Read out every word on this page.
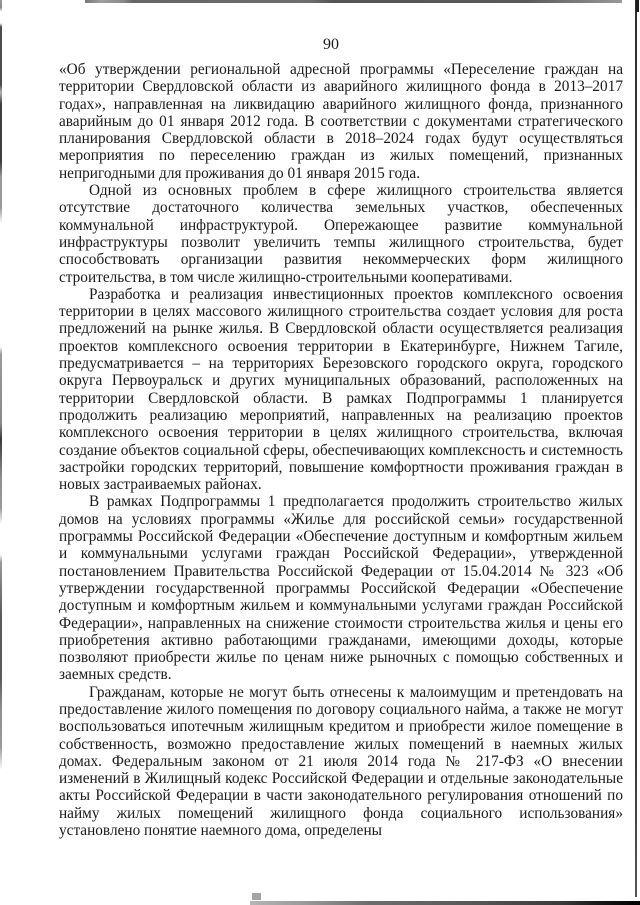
90

«Об утверждении региональной адресной программы «Переселение граждан на территории Свердловской области из аварийного жилищного фонда в 2013–2017 годах», направленная на ликвидацию аварийного жилищного фонда, признанного аварийным до 01 января 2012 года. В соответствии с документами стратегического планирования Свердловской области в 2018–2024 годах будут осуществляться мероприятия по переселению граждан из жилых помещений, признанных непригодными для проживания до 01 января 2015 года.

Одной из основных проблем в сфере жилищного строительства является отсутствие достаточного количества земельных участков, обеспеченных коммунальной инфраструктурой. Опережающее развитие коммунальной инфраструктуры позволит увеличить темпы жилищного строительства, будет способствовать организации развития некоммерческих форм жилищного строительства, в том числе жилищно-строительными кооперативами.

Разработка и реализация инвестиционных проектов комплексного освоения территории в целях массового жилищного строительства создает условия для роста предложений на рынке жилья. В Свердловской области осуществляется реализация проектов комплексного освоения территории в Екатеринбурге, Нижнем Тагиле, предусматривается – на территориях Березовского городского округа, городского округа Первоуральск и других муниципальных образований, расположенных на территории Свердловской области. В рамках Подпрограммы 1 планируется продолжить реализацию мероприятий, направленных на реализацию проектов комплексного освоения территории в целях жилищного строительства, включая создание объектов социальной сферы, обеспечивающих комплексность и системность застройки городских территорий, повышение комфортности проживания граждан в новых застраиваемых районах.

В рамках Подпрограммы 1 предполагается продолжить строительство жилых домов на условиях программы «Жилье для российской семьи» государственной программы Российской Федерации «Обеспечение доступным и комфортным жильем и коммунальными услугами граждан Российской Федерации», утвержденной постановлением Правительства Российской Федерации от 15.04.2014 № 323 «Об утверждении государственной программы Российской Федерации «Обеспечение доступным и комфортным жильем и коммунальными услугами граждан Российской Федерации», направленных на снижение стоимости строительства жилья и цены его приобретения активно работающими гражданами, имеющими доходы, которые позволяют приобрести жилье по ценам ниже рыночных с помощью собственных и заемных средств.

Гражданам, которые не могут быть отнесены к малоимущим и претендовать на предоставление жилого помещения по договору социального найма, а также не могут воспользоваться ипотечным жилищным кредитом и приобрести жилое помещение в собственность, возможно предоставление жилых помещений в наемных жилых домах. Федеральным законом от 21 июля 2014 года № 217-ФЗ «О внесении изменений в Жилищный кодекс Российской Федерации и отдельные законодательные акты Российской Федерации в части законодательного регулирования отношений по найму жилых помещений жилищного фонда социального использования» установлено понятие наемного дома, определены
